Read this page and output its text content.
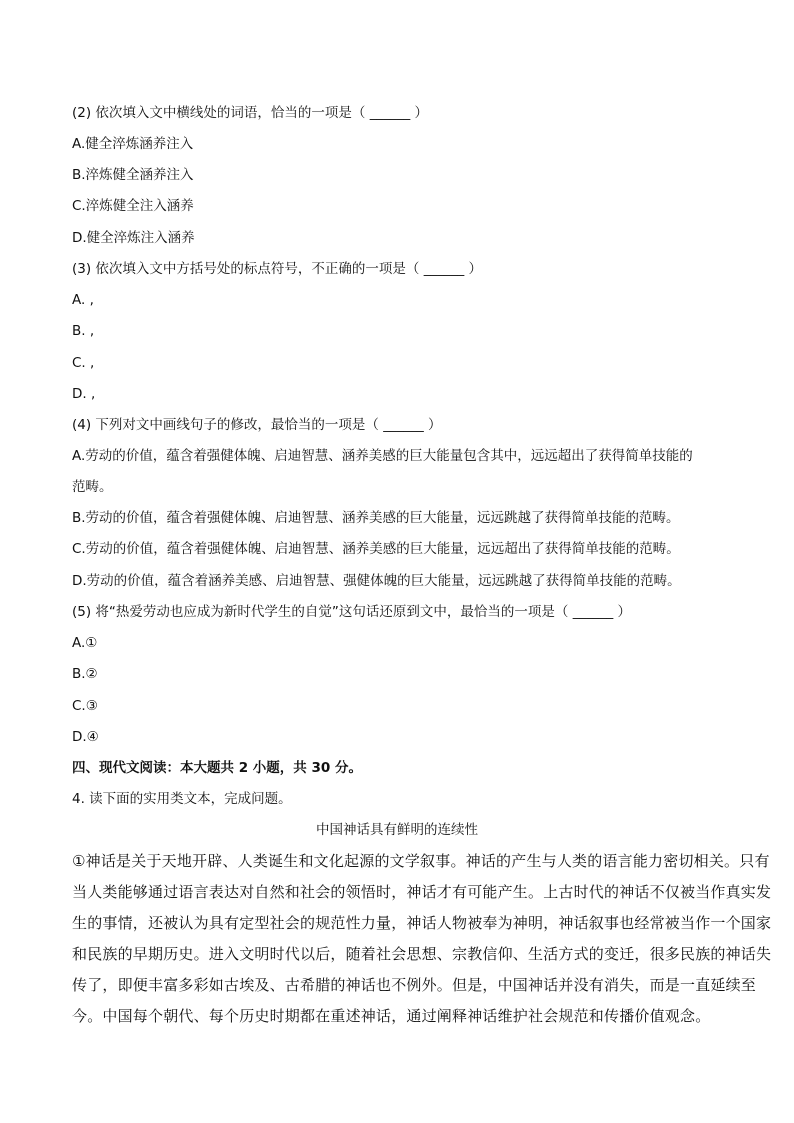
(2) 依次填入文中横线处的词语，恰当的一项是（ ______ ）
A.健全淬炼涵养注入
B.淬炼健全涵养注入
C.淬炼健全注入涵养
D.健全淬炼注入涵养
(3) 依次填入文中方括号处的标点符号，不正确的一项是（ ______ ）
A. ,
B. ,
C. ,
D. ,
(4) 下列对文中画线句子的修改，最恰当的一项是（ ______ ）
A.劳动的价值，蕴含着强健体魄、启迪智慧、涵养美感的巨大能量包含其中，远远超出了获得简单技能的
范畴。
B.劳动的价值，蕴含着强健体魄、启迪智慧、涵养美感的巨大能量，远远跳越了获得简单技能的范畴。
C.劳动的价值，蕴含着强健体魄、启迪智慧、涵养美感的巨大能量，远远超出了获得简单技能的范畴。
D.劳动的价值，蕴含着涵养美感、启迪智慧、强健体魄的巨大能量，远远跳越了获得简单技能的范畴。
(5) 将“热爱劳动也应成为新时代学生的自觉”这句话还原到文中，最恰当的一项是（ ______ ）
A.①
B.②
C.③
D.④
四、现代文阅读：本大题共 2 小题，共 30 分。
4. 读下面的实用类文本，完成问题。
中国神话具有鲜明的连续性
①神话是关于天地开辟、人类诞生和文化起源的文学叙事。神话的产生与人类的语言能力密切相关。只有
当人类能够通过语言表达对自然和社会的领悟时，神话才有可能产生。上古时代的神话不仅被当作真实发
生的事情，还被认为具有定型社会的规范性力量，神话人物被奉为神明，神话叙事也经常被当作一个国家
和民族的早期历史。进入文明时代以后，随着社会思想、宗教信仰、生活方式的变迁，很多民族的神话失
传了，即便丰富多彩如古埃及、古希腊的神话也不例外。但是，中国神话并没有消失，而是一直延续至
今。中国每个朝代、每个历史时期都在重述神话，通过阐释神话维护社会规范和传播价值观念。
